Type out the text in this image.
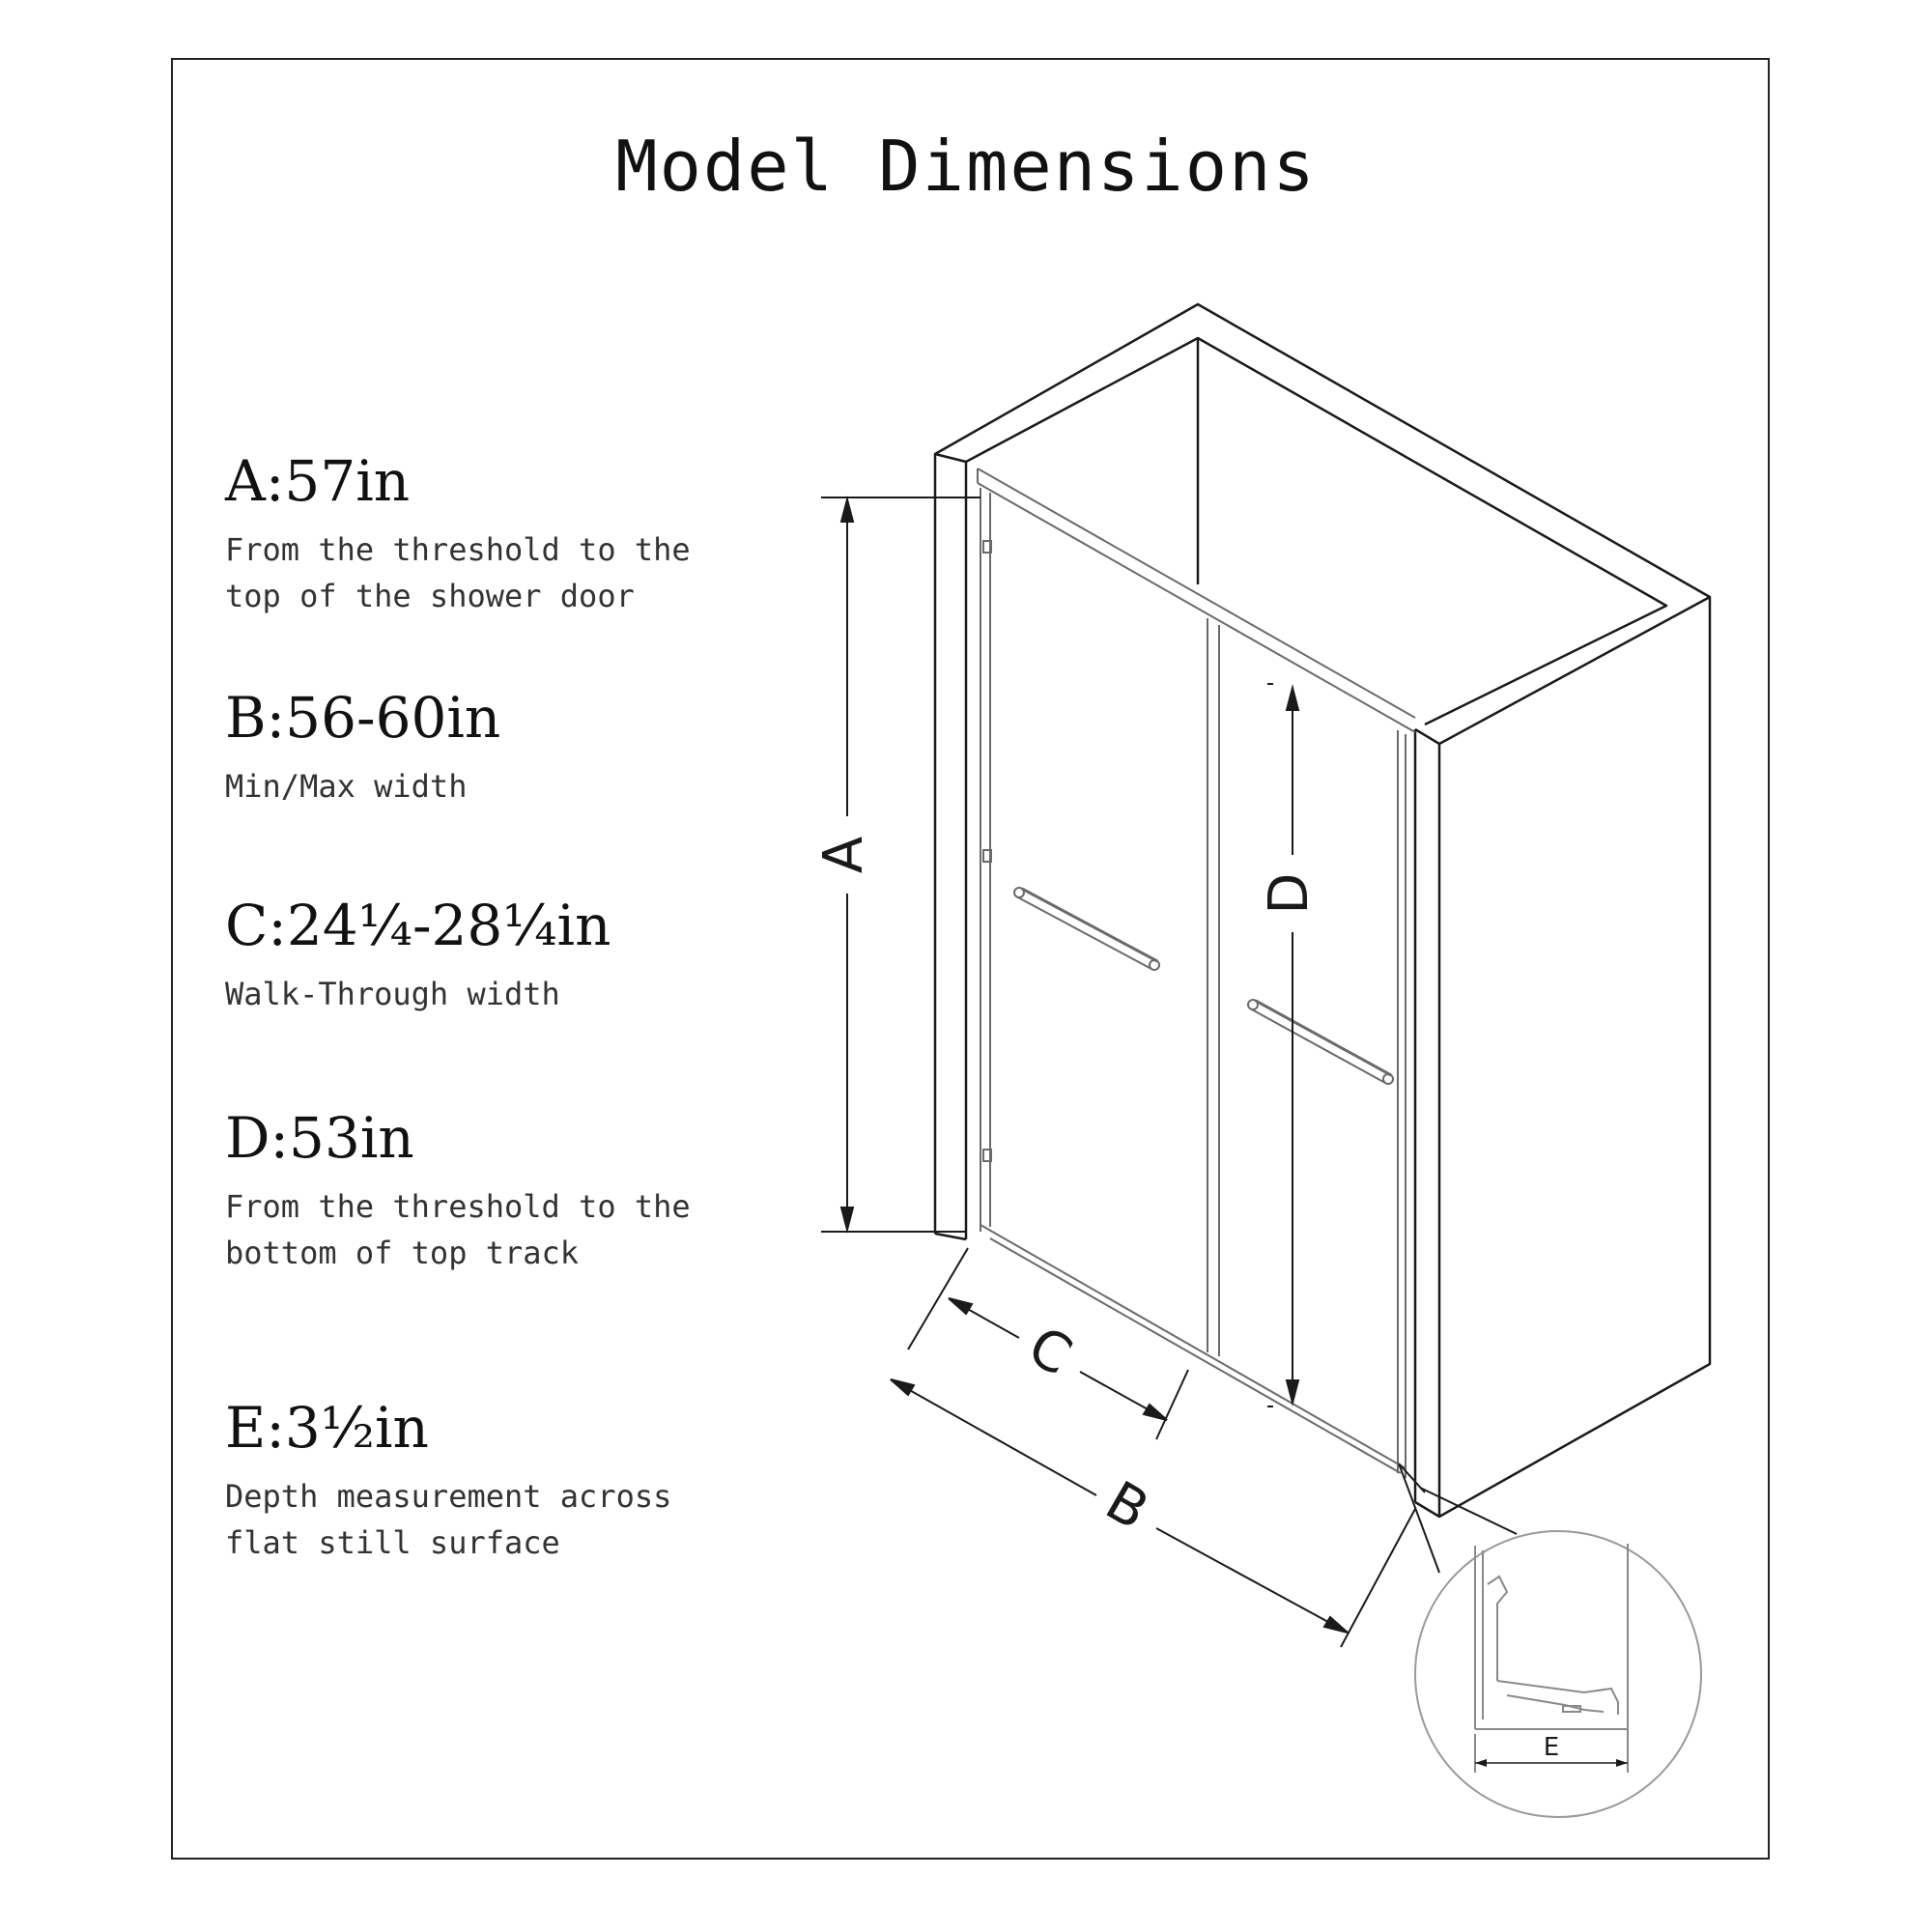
Model Dimensions
A:57in
From the threshold to the
top of the shower door
B:56-60in
Min/Max width
C:24¼-28¼in
Walk-Through width
D:53in
From the threshold to the
bottom of top track
E:3½in
Depth measurement across
flat still surface
A
D
C
B
E
